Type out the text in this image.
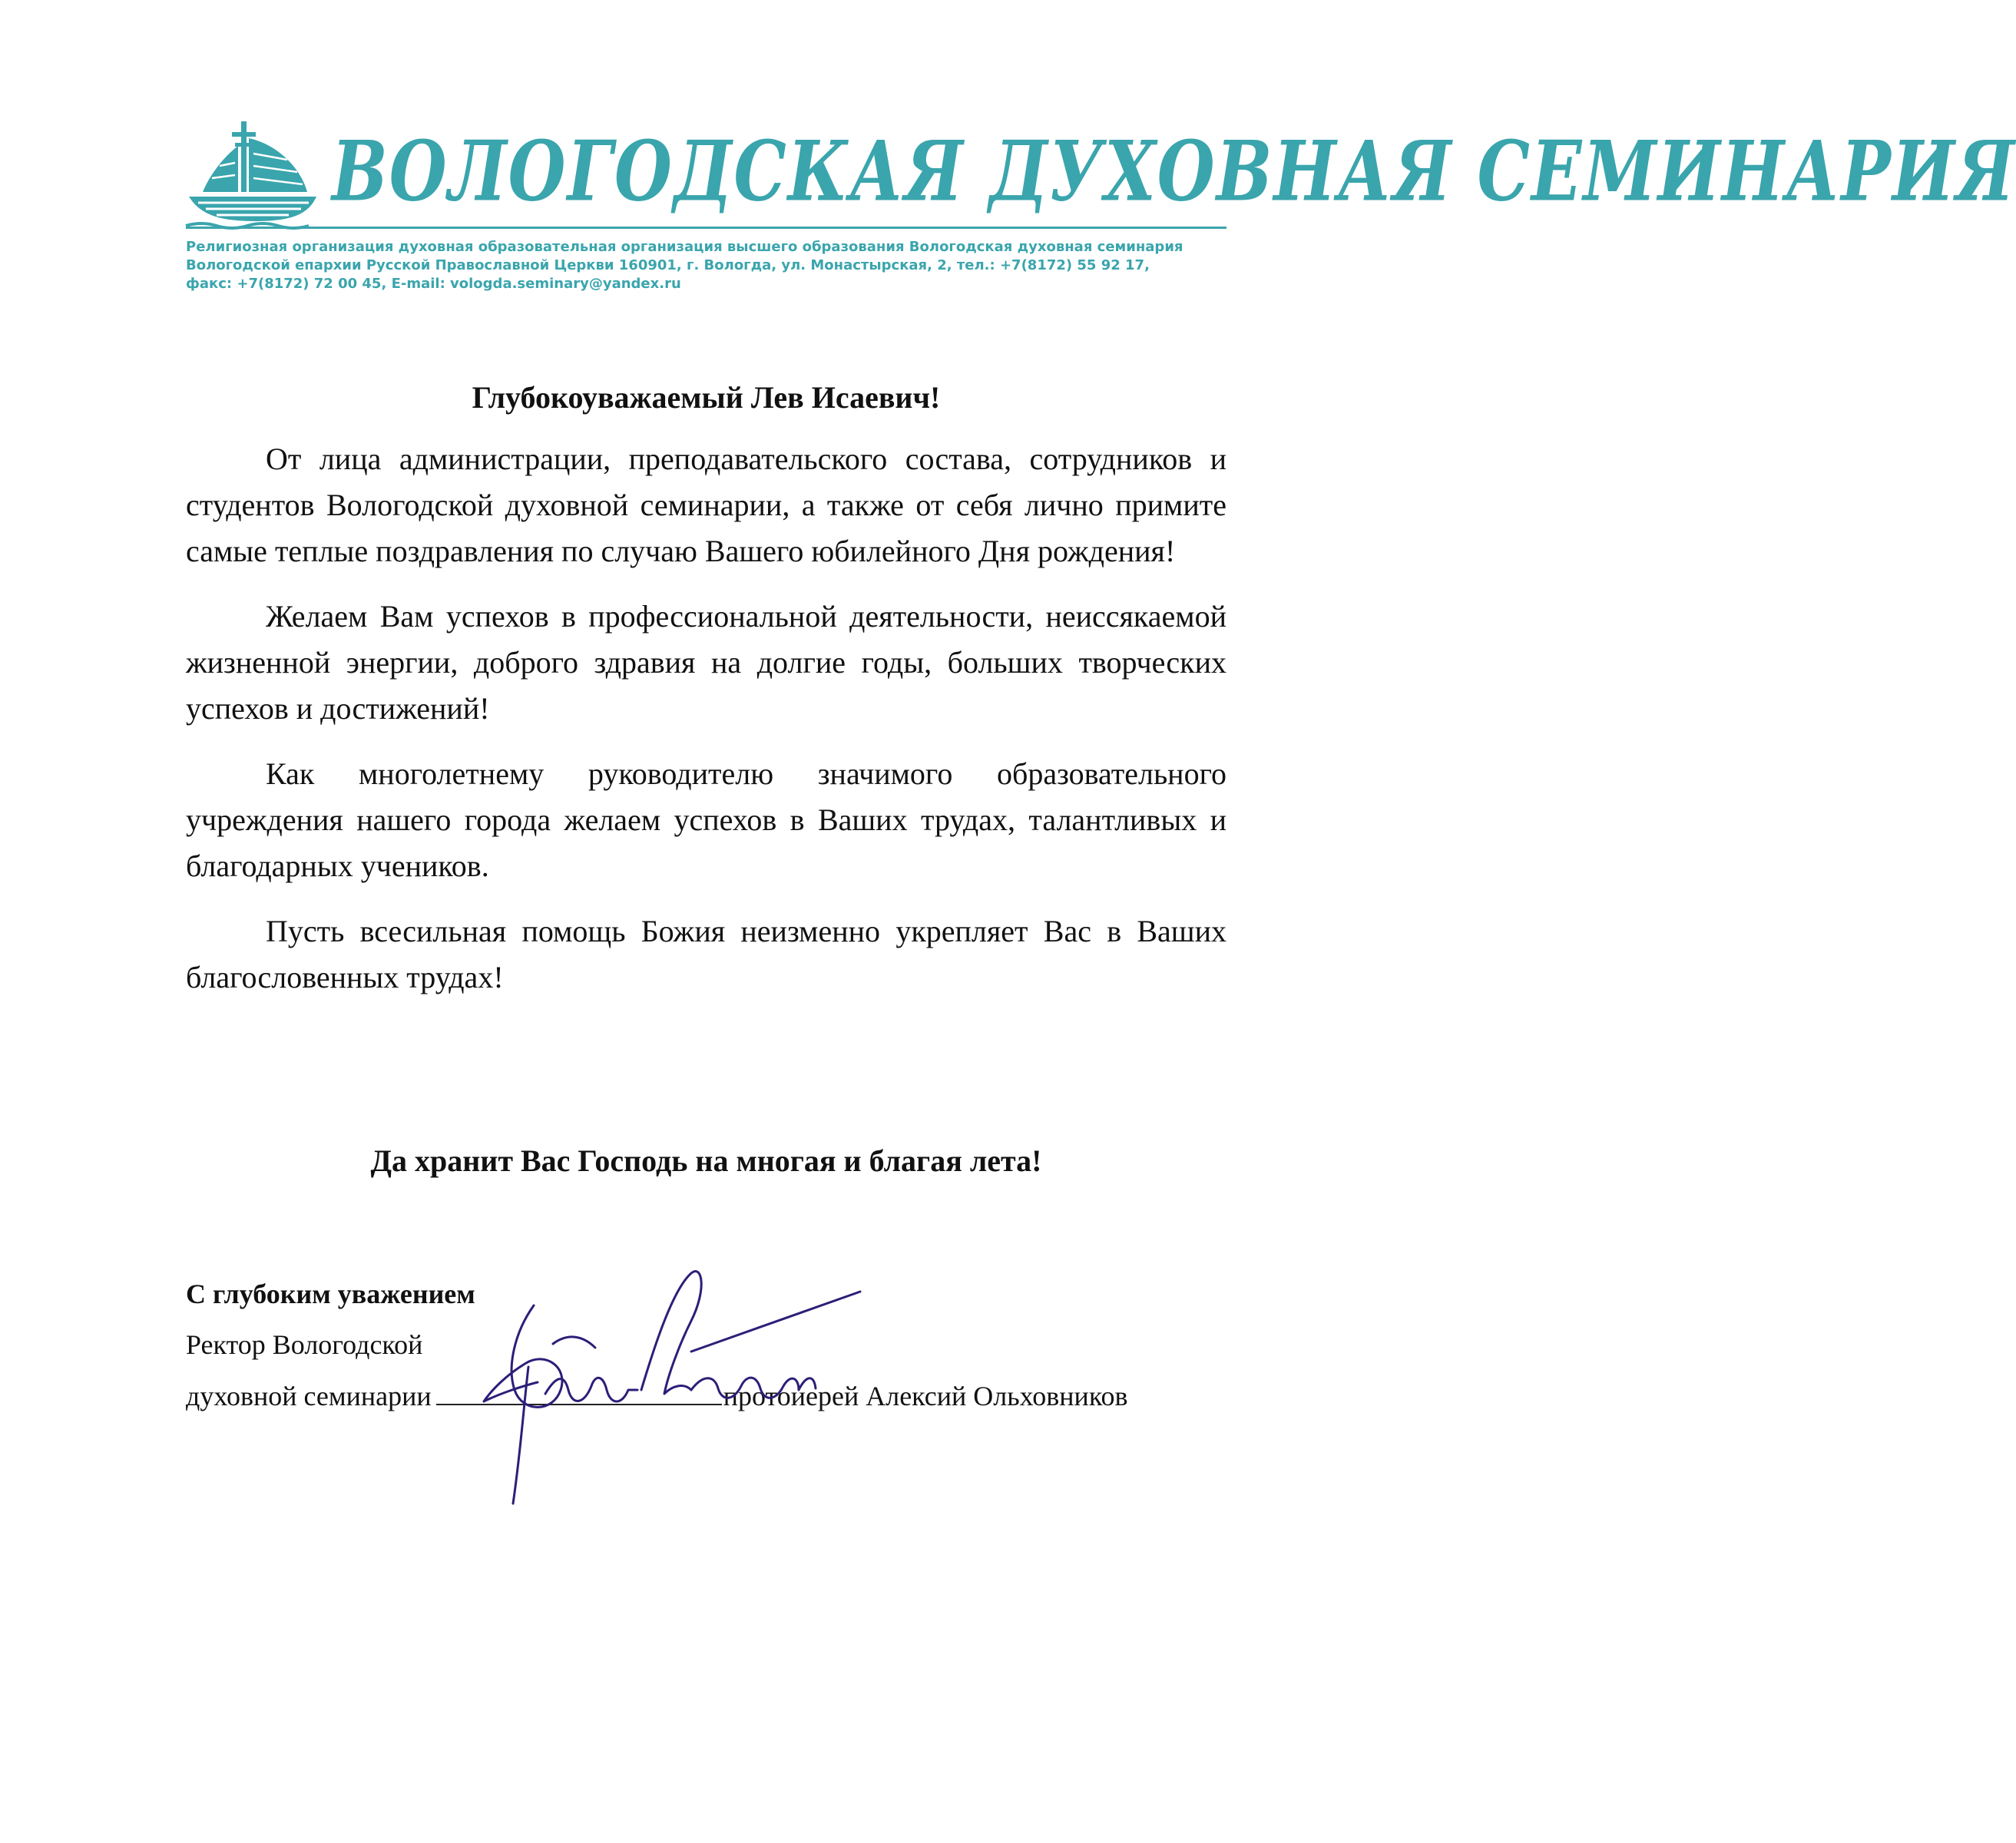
ВОЛОГОДСКАЯ ДУХОВНАЯ СЕМИНАРИЯ
Религиозная организация духовная образовательная организация высшего образования Вологодская духовная семинария
Вологодской епархии Русской Православной Церкви 160901, г. Вологда, ул. Монастырская, 2, тел.: +7(8172) 55 92 17,
факс: +7(8172) 72 00 45, E-mail: vologda.seminary@yandex.ru
Глубокоуважаемый Лев Исаевич!

От лица администрации, преподавательского состава, сотрудников и студентов Вологодской духовной семинарии, а также от себя лично примите самые теплые поздравления по случаю Вашего юбилейного Дня рождения!

Желаем Вам успехов в профессиональной деятельности, неиссякаемой жизненной энергии, доброго здравия на долгие годы, больших творческих успехов и достижений!

Как многолетнему руководителю значимого образовательного учреждения нашего города желаем успехов в Ваших трудах, талантливых и благодарных учеников.

Пусть всесильная помощь Божия неизменно укрепляет Вас в Ваших благословенных трудах!

Да хранит Вас Господь на многая и благая лета!
С глубоким уважением
Ректор Вологодской
духовной семинарии	протоиерей Алексий Ольховников
